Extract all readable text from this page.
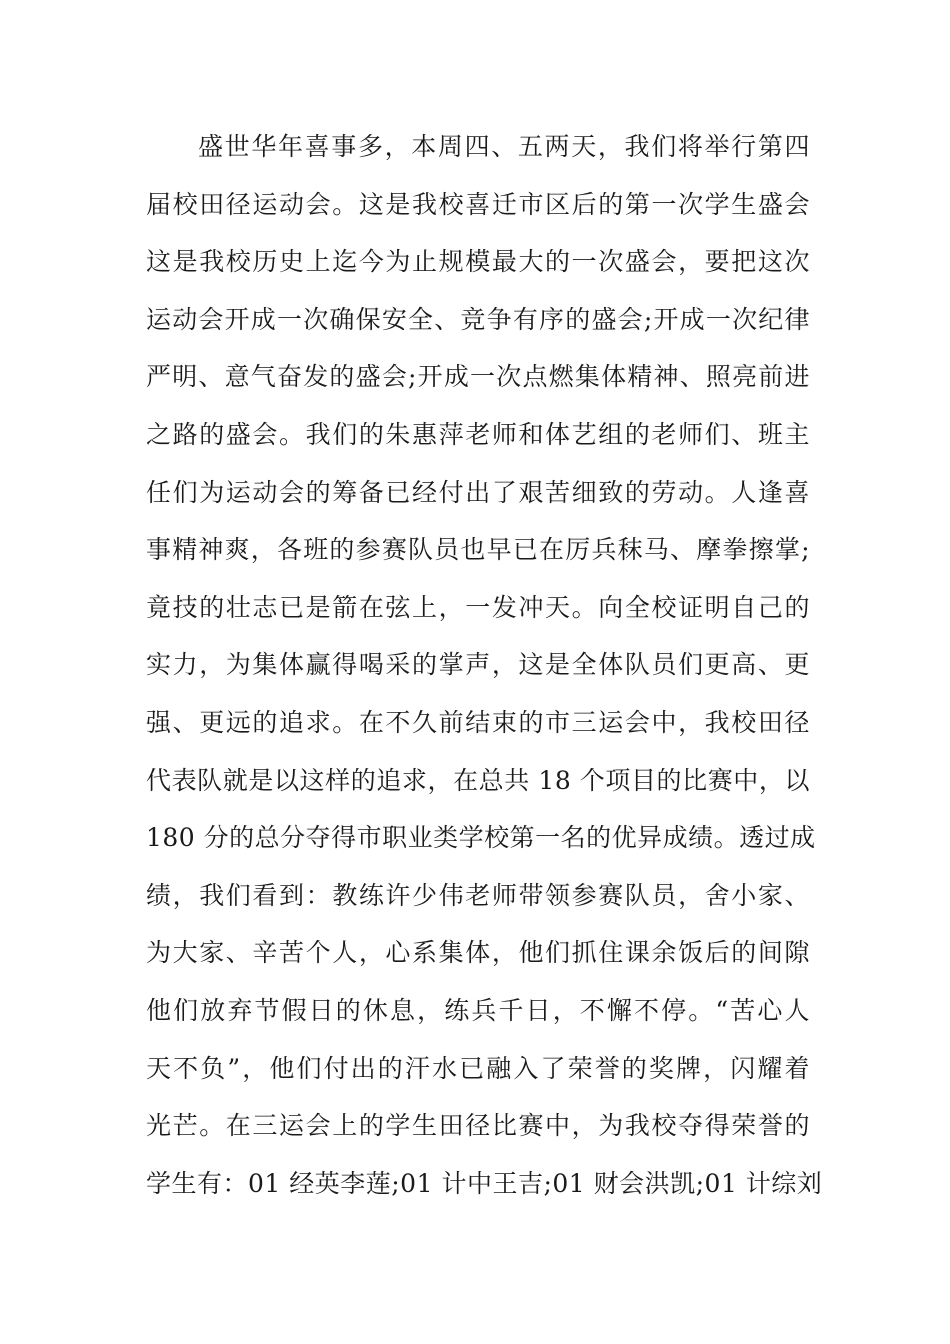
盛世华年喜事多，本周四、五两天，我们将举行第四
届校田径运动会。这是我校喜迁市区后的第一次学生盛会
这是我校历史上迄今为止规模最大的一次盛会，要把这次
运动会开成一次确保安全、竞争有序的盛会;开成一次纪律
严明、意气奋发的盛会;开成一次点燃集体精神、照亮前进
之路的盛会。我们的朱惠萍老师和体艺组的老师们、班主
任们为运动会的筹备已经付出了艰苦细致的劳动。人逢喜
事精神爽，各班的参赛队员也早已在厉兵秣马、摩拳擦掌;
竟技的壮志已是箭在弦上，一发冲天。向全校证明自己的
实力，为集体赢得喝采的掌声，这是全体队员们更高、更
强、更远的追求。在不久前结束的市三运会中，我校田径
代表队就是以这样的追求，在总共 18 个项目的比赛中，以
180 分的总分夺得市职业类学校第一名的优异成绩。透过成
绩，我们看到：教练许少伟老师带领参赛队员，舍小家、
为大家、辛苦个人，心系集体，他们抓住课余饭后的间隙
他们放弃节假日的休息，练兵千日，不懈不停。“苦心人
天不负”，他们付出的汗水已融入了荣誉的奖牌，闪耀着
光芒。在三运会上的学生田径比赛中，为我校夺得荣誉的
学生有：01 经英李莲;01 计中王吉;01 财会洪凯;01 计综刘
